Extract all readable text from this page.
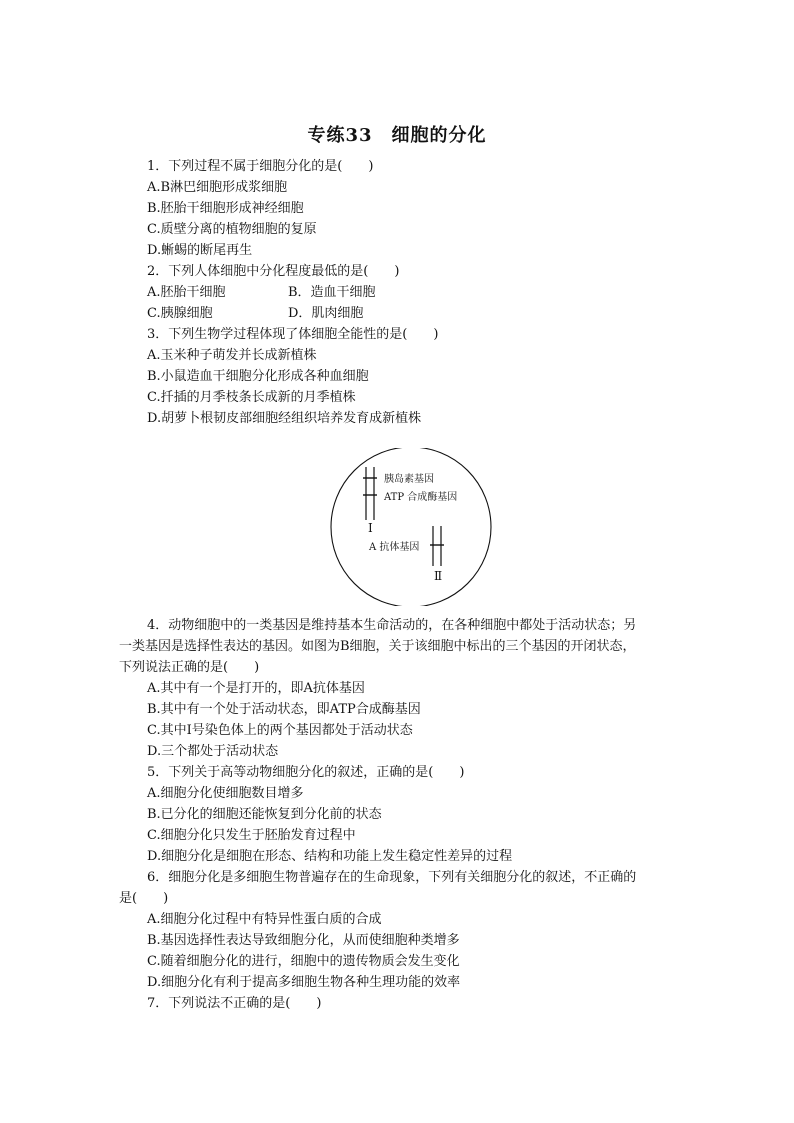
专练33　细胞的分化
1．下列过程不属于细胞分化的是(　　)
A.B淋巴细胞形成浆细胞
B.胚胎干细胞形成神经细胞
C.质壁分离的植物细胞的复原
D.蜥蜴的断尾再生
2．下列人体细胞中分化程度最低的是(　　)
A.胚胎干细胞	B．造血干细胞
C.胰腺细胞	D．肌肉细胞
3．下列生物学过程体现了体细胞全能性的是(　　)
A.玉米种子萌发并长成新植株
B.小鼠造血干细胞分化形成各种血细胞
C.扦插的月季枝条长成新的月季植株
D.胡萝卜根韧皮部细胞经组织培养发育成新植株
胰岛素基因
ATP 合成酶基因
Ⅰ
A 抗体基因
Ⅱ
4．动物细胞中的一类基因是维持基本生命活动的，在各种细胞中都处于活动状态；另
一类基因是选择性表达的基因。如图为B细胞，关于该细胞中标出的三个基因的开闭状态，
下列说法正确的是(　　)
A.其中有一个是打开的，即A抗体基因
B.其中有一个处于活动状态，即ATP合成酶基因
C.其中Ⅰ号染色体上的两个基因都处于活动状态
D.三个都处于活动状态
5．下列关于高等动物细胞分化的叙述，正确的是(　　)
A.细胞分化使细胞数目增多
B.已分化的细胞还能恢复到分化前的状态
C.细胞分化只发生于胚胎发育过程中
D.细胞分化是细胞在形态、结构和功能上发生稳定性差异的过程
6．细胞分化是多细胞生物普遍存在的生命现象，下列有关细胞分化的叙述，不正确的
是(　　)
A.细胞分化过程中有特异性蛋白质的合成
B.基因选择性表达导致细胞分化，从而使细胞种类增多
C.随着细胞分化的进行，细胞中的遗传物质会发生变化
D.细胞分化有利于提高多细胞生物各种生理功能的效率
7．下列说法不正确的是(　　)
